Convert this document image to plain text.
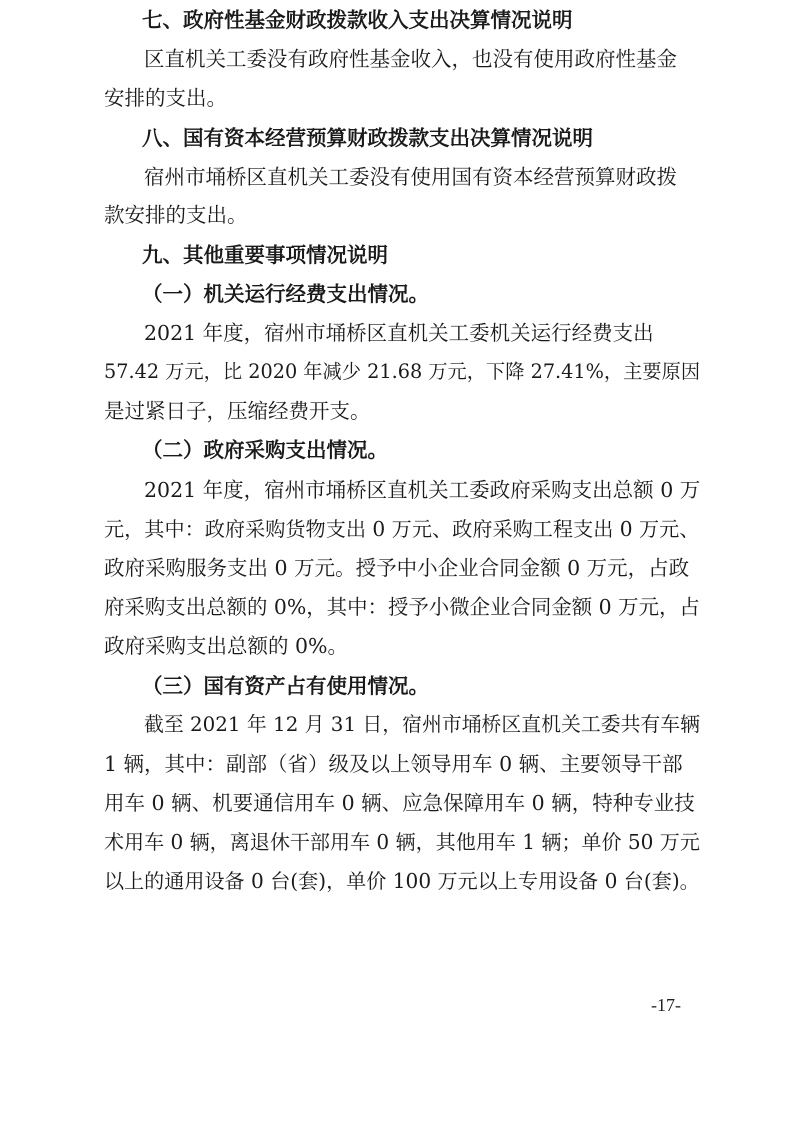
七、政府性基金财政拨款收入支出决算情况说明
区直机关工委没有政府性基金收入，也没有使用政府性基金
安排的支出。
八、国有资本经营预算财政拨款支出决算情况说明
宿州市埇桥区直机关工委没有使用国有资本经营预算财政拨
款安排的支出。
九、其他重要事项情况说明
（一）机关运行经费支出情况。
2021 年度，宿州市埇桥区直机关工委机关运行经费支出
57.42 万元，比 2020 年减少 21.68 万元，下降 27.41%，主要原因
是过紧日子，压缩经费开支。
（二）政府采购支出情况。
2021 年度，宿州市埇桥区直机关工委政府采购支出总额 0 万
元，其中：政府采购货物支出 0 万元、政府采购工程支出 0 万元、
政府采购服务支出 0 万元。授予中小企业合同金额 0 万元，占政
府采购支出总额的 0%，其中：授予小微企业合同金额 0 万元，占
政府采购支出总额的 0%。
（三）国有资产占有使用情况。
截至 2021 年 12 月 31 日，宿州市埇桥区直机关工委共有车辆
1 辆，其中：副部（省）级及以上领导用车 0 辆、主要领导干部
用车 0 辆、机要通信用车 0 辆、应急保障用车 0 辆，特种专业技
术用车 0 辆，离退休干部用车 0 辆，其他用车 1 辆；单价 50 万元
以上的通用设备 0 台(套)，单价 100 万元以上专用设备 0 台(套)。
-17-
